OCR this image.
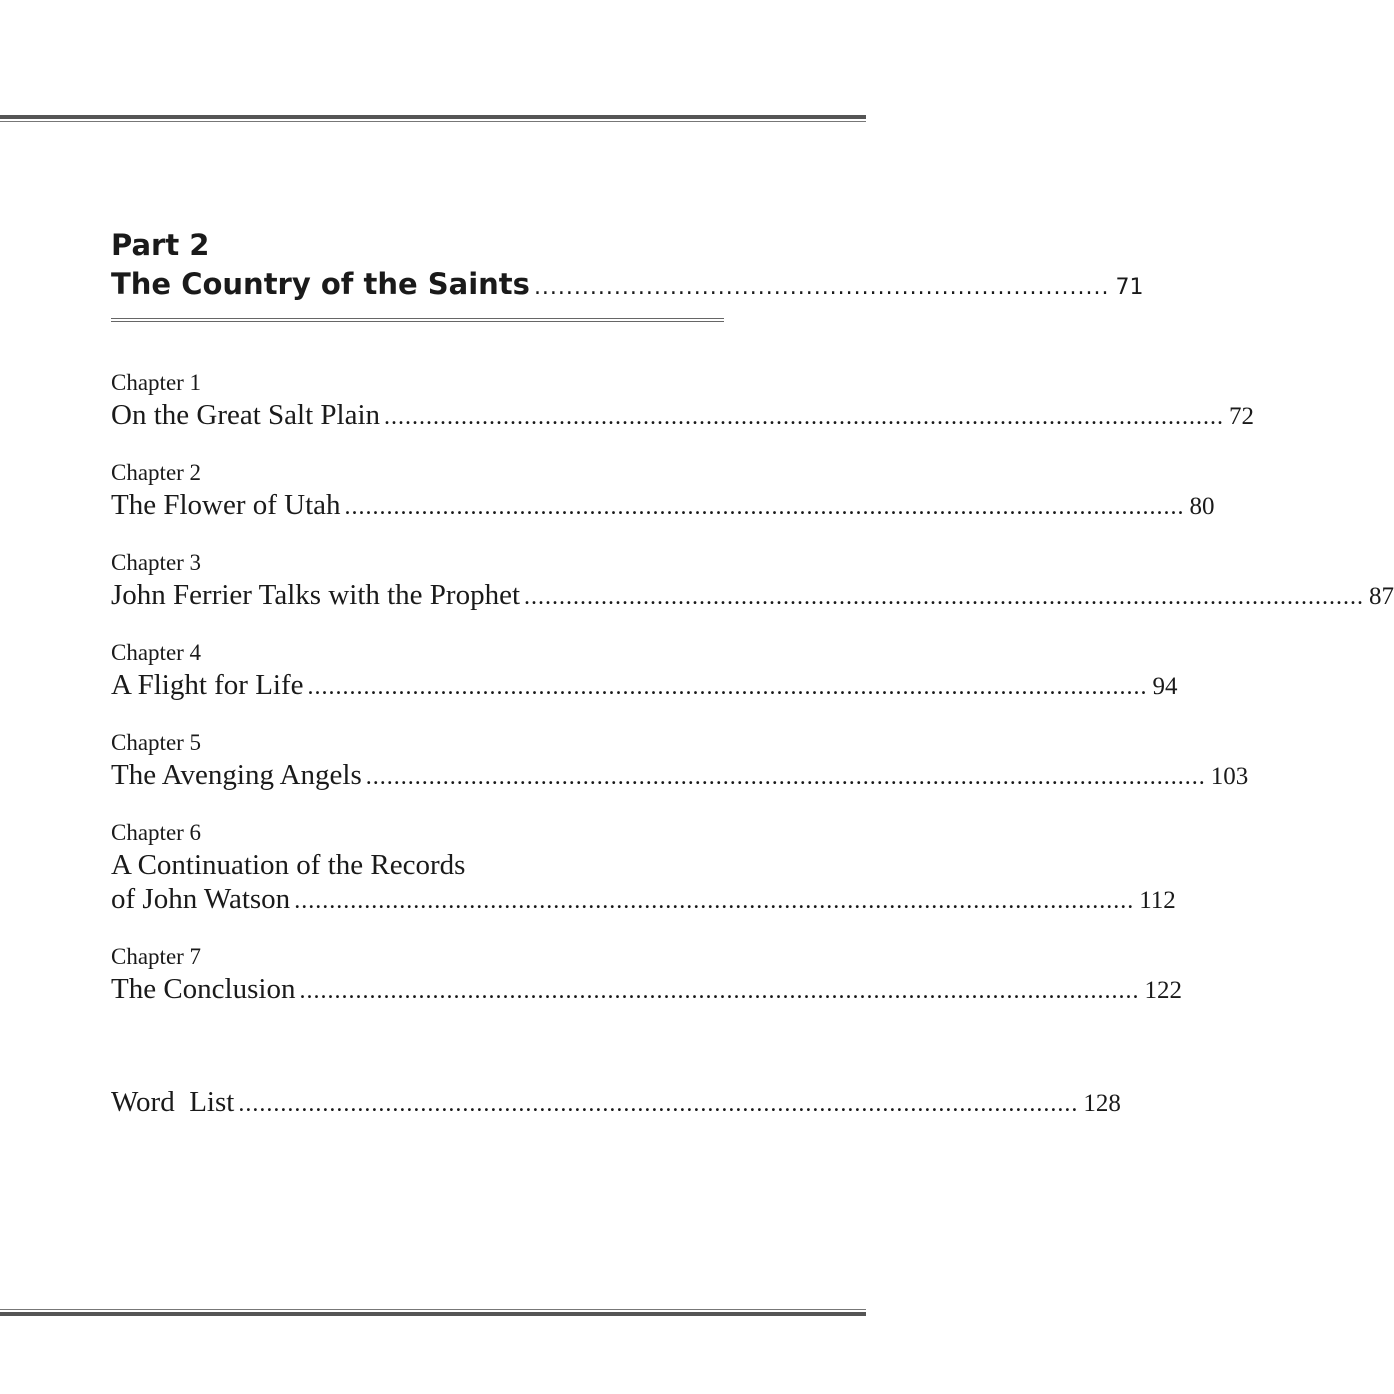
Part 2
The Country of the Saints ........................................................................ 71
Chapter 1
On the Great Salt Plain ........................................................................................................................ 72
Chapter 2
The Flower of Utah ........................................................................................................................ 80
Chapter 3
John Ferrier Talks with the Prophet ........................................................................................................................ 87
Chapter 4
A Flight for Life ........................................................................................................................ 94
Chapter 5
The Avenging Angels ........................................................................................................................ 103
Chapter 6
A Continuation of the Records
of John Watson ........................................................................................................................ 112
Chapter 7
The Conclusion ........................................................................................................................ 122
Word  List ........................................................................................................................ 128
